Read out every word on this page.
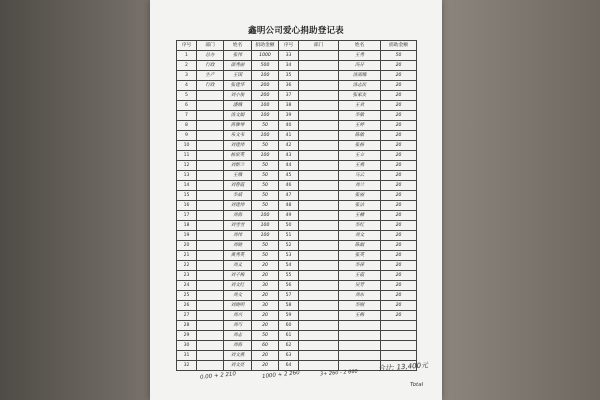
鑫明公司爱心捐助登记表
序号	部门	姓名	捐助金额	序号	部门	姓名	捐助金额
1	总办	张伟	1000	33		王秀	50
2	行政	邵秀丽	500	34		冯开	20
3	生产	王国	100	35		汤邵娥	20
4	行政	张建华	200	36		汤志民	20
5		刘小俊	200	37		张家友	20
6		潘娥	100	38		王君	20
7		汤文娟	100	39		李敏	20
8		蒋雅琴	50	40		王婷	20
9		乐文韦	100	41		陈敏	20
10		刘建伟	50	42		张杨	20
11		杨宏英	100	43		王立	20
12		刘新兰	50	44		王燕	20
13		王娥	50	45		马云	20
14		刘春霞	50	46		刘兰	20
15		李斌	50	47		张丽	20
16		刘建伟	50	48		张洁	20
17		刘海	100	49		王楠	20
18		刘雪雪	100	50		李红	20
19		刘伟	100	51		刘文	20
20		刘晓	50	52		陈娟	20
21		黄秀英	50	53		张英	20
22		刘义	20	54		李萍	20
23		刘子梅	20	55		王霞	20
24		刘文红	30	56		吴芳	20
25		刘文	20	57		刘东	20
26		刘晓明	30	58		李刚	20
27		刘兴	20	59		王梅	20
28		刘巧	20	60			
29		刘志	50	61			
30		刘海	60	62			
31		刘文燕	20	63			
32		刘文亮	20	64			
0.00 + 2 210	1000 + 2 260	3+ 260 - 2 660
合计: 13,400元
Total
